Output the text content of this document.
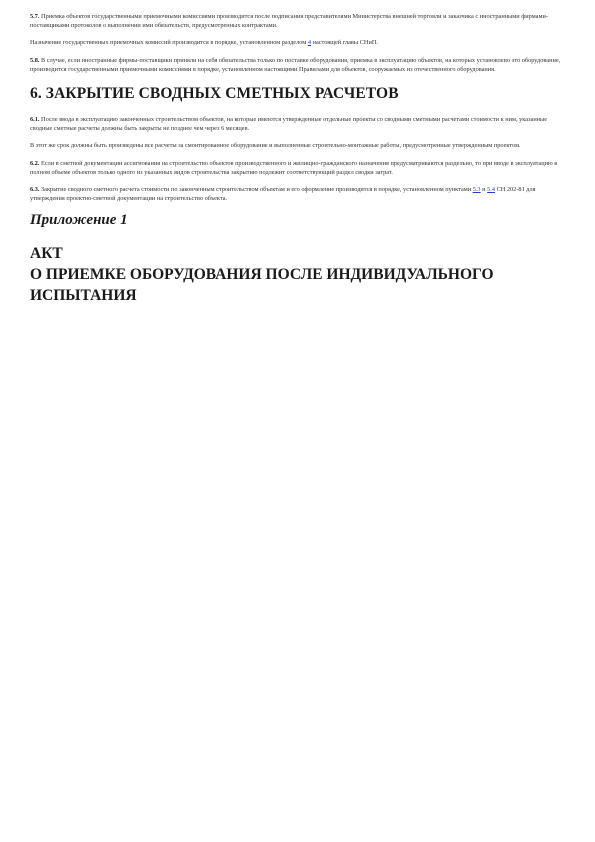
5.7. Приемка объектов государственными приемочными комиссиями производится после подписания представителями Министерства внешней торговли и заказчика с иностранными фирмами-поставщиками протоколов о выполнении ими обязательств, предусмотренных контрактами.

Назначение государственных приемочных комиссий производится в порядке, установленном разделом 4 настоящей главы СНиП.

5.8. В случае, если иностранные фирмы-поставщики приняли на себя обязательства только по поставке оборудования, приемка в эксплуатацию объектов, на которых установлено это оборудование, производится государственными приемочными комиссиями в порядке, установленном настоящими Правилами для объектов, сооружаемых из отечественного оборудования.

6. ЗАКРЫТИЕ СВОДНЫХ СМЕТНЫХ РАСЧЕТОВ

6.1. После ввода в эксплуатацию законченных строительством объектов, на которые имеются утвержденные отдельные проекты со сводными сметными расчетами стоимости к ним, указанные сводные сметные расчеты должны быть закрыты не позднее чем через 6 месяцев.

В этот же срок должны быть произведены все расчеты за смонтированное оборудование и выполненные строительно-монтажные работы, предусмотренные утвержденным проектом.

6.2. Если в сметной документации ассигнования на строительство объектов производственного и жилищно-гражданского назначения предусматриваются раздельно, то при вводе в эксплуатацию в полном объеме объектов только одного из указанных видов строительства закрытию подлежит соответствующий раздел сводки затрат.

6.3. Закрытие сводного сметного расчета стоимости по законченным строительством объектам и его оформление производится в порядке, установленном пунктами 5.3 и 5.4 СН 202-81 для утверждения проектно-сметной документации на строительство объекта.

Приложение 1
АКТ
О ПРИЕМКЕ ОБОРУДОВАНИЯ ПОСЛЕ ИНДИВИДУАЛЬНОГО ИСПЫТАНИЯ
